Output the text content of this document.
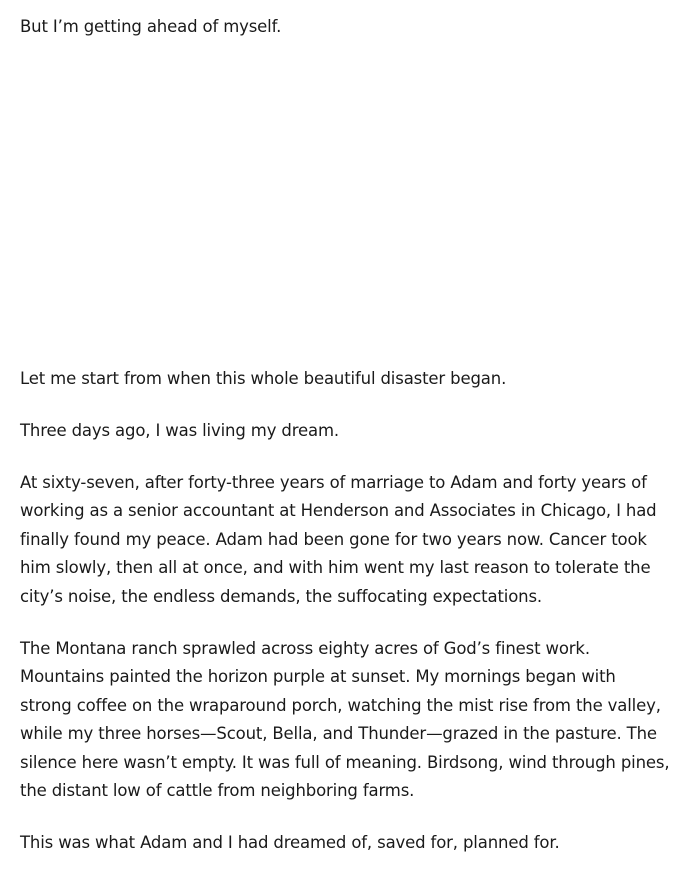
But I’m getting ahead of myself.

Let me start from when this whole beautiful disaster began.

Three days ago, I was living my dream.

At sixty-seven, after forty-three years of marriage to Adam and forty years of working as a senior accountant at Henderson and Associates in Chicago, I had finally found my peace. Adam had been gone for two years now. Cancer took him slowly, then all at once, and with him went my last reason to tolerate the city’s noise, the endless demands, the suffocating expectations.

The Montana ranch sprawled across eighty acres of God’s finest work. Mountains painted the horizon purple at sunset. My mornings began with strong coffee on the wraparound porch, watching the mist rise from the valley, while my three horses—Scout, Bella, and Thunder—grazed in the pasture. The silence here wasn’t empty. It was full of meaning. Birdsong, wind through pines, the distant low of cattle from neighboring farms.

This was what Adam and I had dreamed of, saved for, planned for.
